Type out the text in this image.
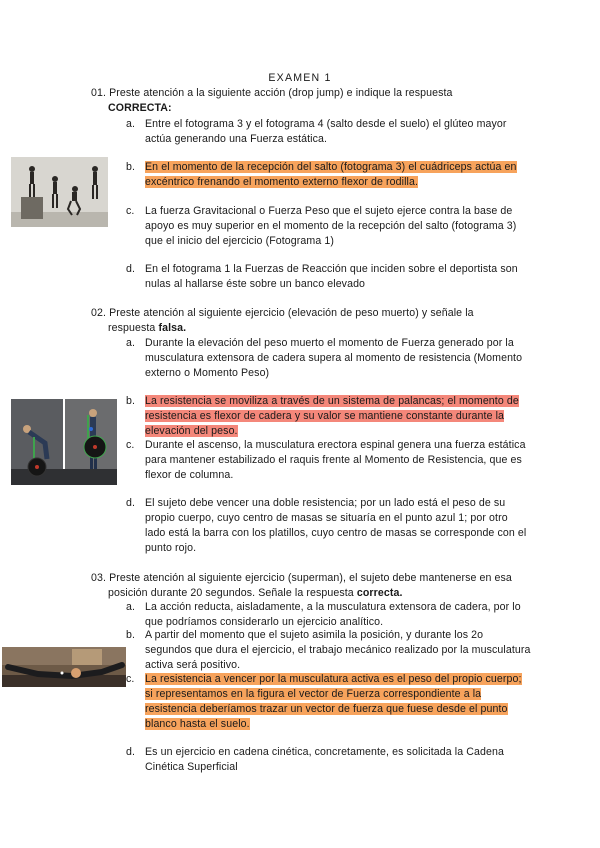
EXAMEN 1
01. Preste atención a la siguiente acción (drop jump) e indique la respuesta
CORRECTA:
a. Entre el fotograma 3 y el fotograma 4 (salto desde el suelo) el glúteo mayor actúa generando una Fuerza estática.
b. En el momento de la recepción del salto (fotograma 3) el cuádriceps actúa en excéntrico frenando el momento externo flexor de rodilla.
c. La fuerza Gravitacional o Fuerza Peso que el sujeto ejerce contra la base de apoyo es muy superior en el momento de la recepción del salto (fotograma 3) que el inicio del ejercicio (Fotograma 1)
d. En el fotograma 1 la Fuerzas de Reacción que inciden sobre el deportista son nulas al hallarse éste sobre un banco elevado
02. Preste atención al siguiente ejercicio (elevación de peso muerto) y señale la
respuesta falsa.
a. Durante la elevación del peso muerto el momento de Fuerza generado por la musculatura extensora de cadera supera al momento de resistencia (Momento externo o Momento Peso)
b. La resistencia se moviliza a través de un sistema de palancas; el momento de resistencia es flexor de cadera y su valor se mantiene constante durante la elevación del peso.
c. Durante el ascenso, la musculatura erectora espinal genera una fuerza estática para mantener estabilizado el raquis frente al Momento de Resistencia, que es flexor de columna.
d. El sujeto debe vencer una doble resistencia; por un lado está el peso de su propio cuerpo, cuyo centro de masas se situaría en el punto azul 1; por otro lado está la barra con los platillos, cuyo centro de masas se corresponde con el punto rojo.
03. Preste atención al siguiente ejercicio (superman), el sujeto debe mantenerse en esa
posición durante 20 segundos. Señale la respuesta correcta.
a. La acción reducta, aisladamente, a la musculatura extensora de cadera, por lo que podríamos considerarlo un ejercicio analítico.
b. A partir del momento que el sujeto asimila la posición, y durante los 2o segundos que dura el ejercicio, el trabajo mecánico realizado por la musculatura activa será positivo.
c. La resistencia a vencer por la musculatura activa es el peso del propio cuerpo; si representamos en la figura el vector de Fuerza correspondiente a la resistencia deberíamos trazar un vector de fuerza que fuese desde el punto blanco hasta el suelo.
d. Es un ejercicio en cadena cinética, concretamente, es solicitada la Cadena Cinética Superficial
